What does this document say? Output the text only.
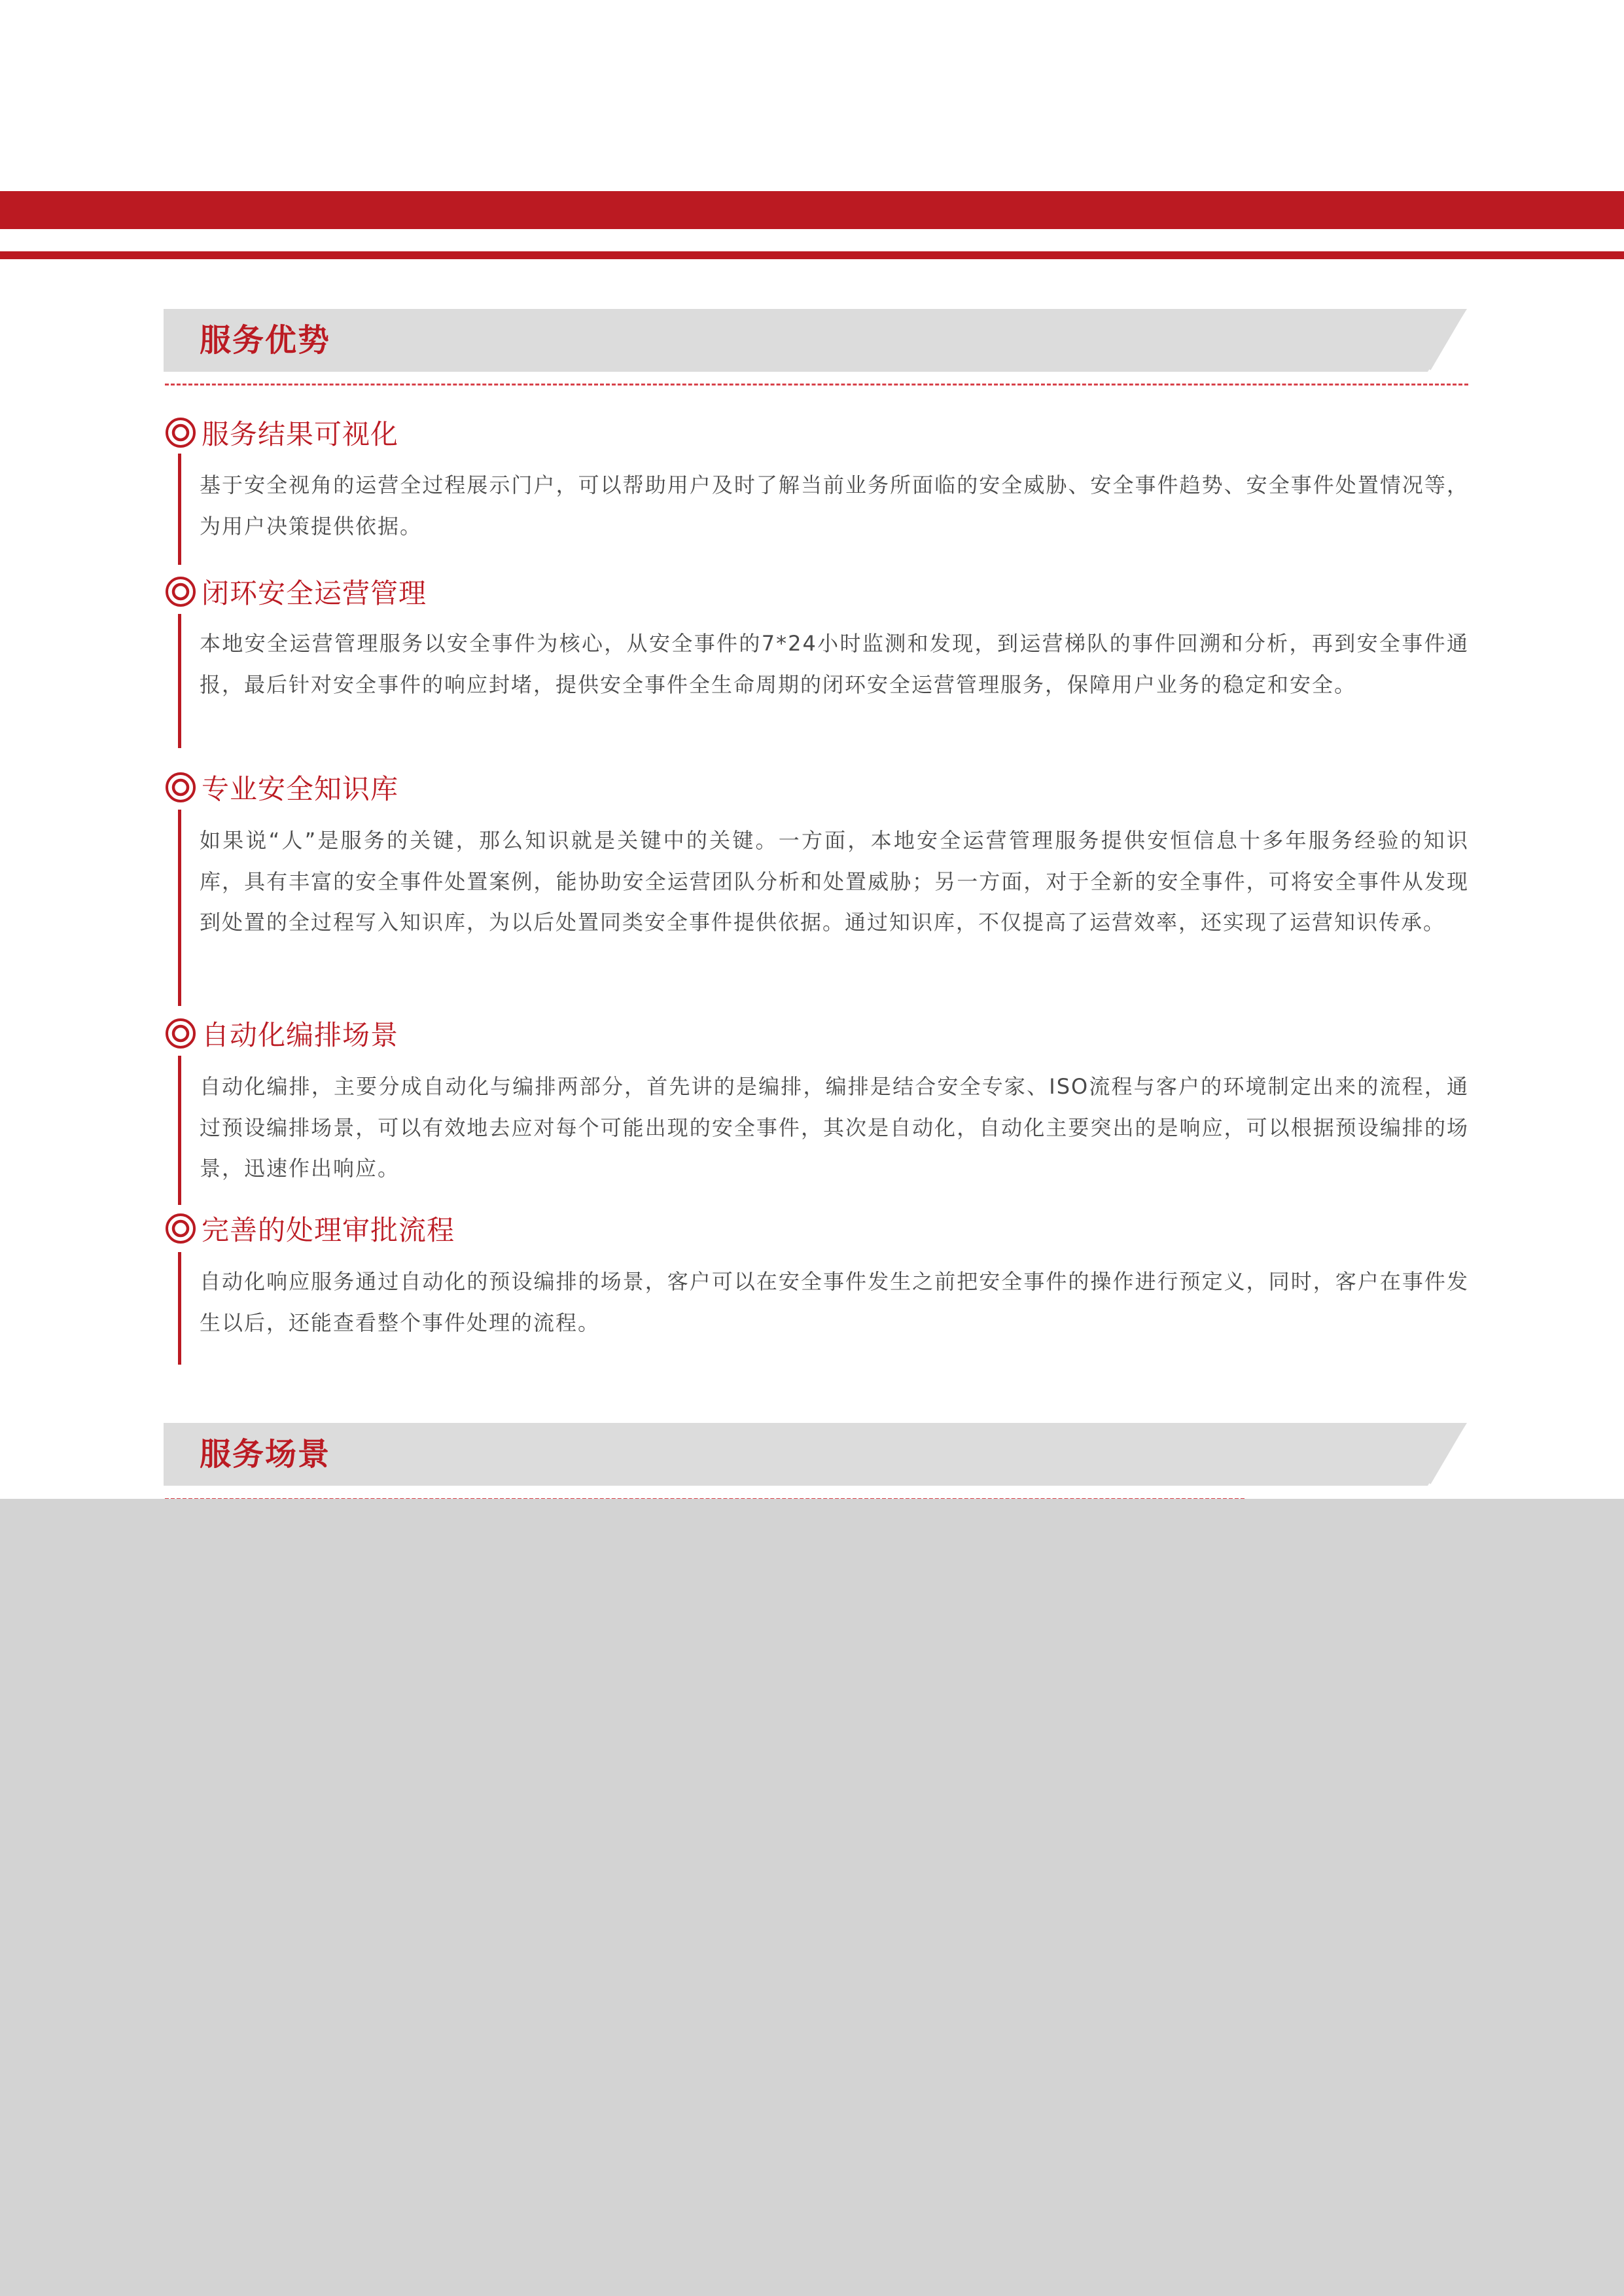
服务优势
服务结果可视化

基于安全视角的运营全过程展示门户，可以帮助用户及时了解当前业务所面临的安全威胁、安全事件趋势、安全事件处置情况等，为用户决策提供依据。

闭环安全运营管理

本地安全运营管理服务以安全事件为核心，从安全事件的7*24小时监测和发现，到运营梯队的事件回溯和分析，再到安全事件通报，最后针对安全事件的响应封堵，提供安全事件全生命周期的闭环安全运营管理服务，保障用户业务的稳定和安全。

专业安全知识库

如果说“人”是服务的关键，那么知识就是关键中的关键。一方面，本地安全运营管理服务提供安恒信息十多年服务经验的知识库，具有丰富的安全事件处置案例，能协助安全运营团队分析和处置威胁；另一方面，对于全新的安全事件，可将安全事件从发现到处置的全过程写入知识库，为以后处置同类安全事件提供依据。通过知识库，不仅提高了运营效率，还实现了运营知识传承。

自动化编排场景

自动化编排，主要分成自动化与编排两部分，首先讲的是编排，编排是结合安全专家、ISO流程与客户的环境制定出来的流程，通过预设编排场景，可以有效地去应对每个可能出现的安全事件，其次是自动化，自动化主要突出的是响应，可以根据预设编排的场景，迅速作出响应。

完善的处理审批流程

自动化响应服务通过自动化的预设编排的场景，客户可以在安全事件发生之前把安全事件的操作进行预定义，同时，客户在事件发生以后，还能查看整个事件处理的流程。

服务场景
